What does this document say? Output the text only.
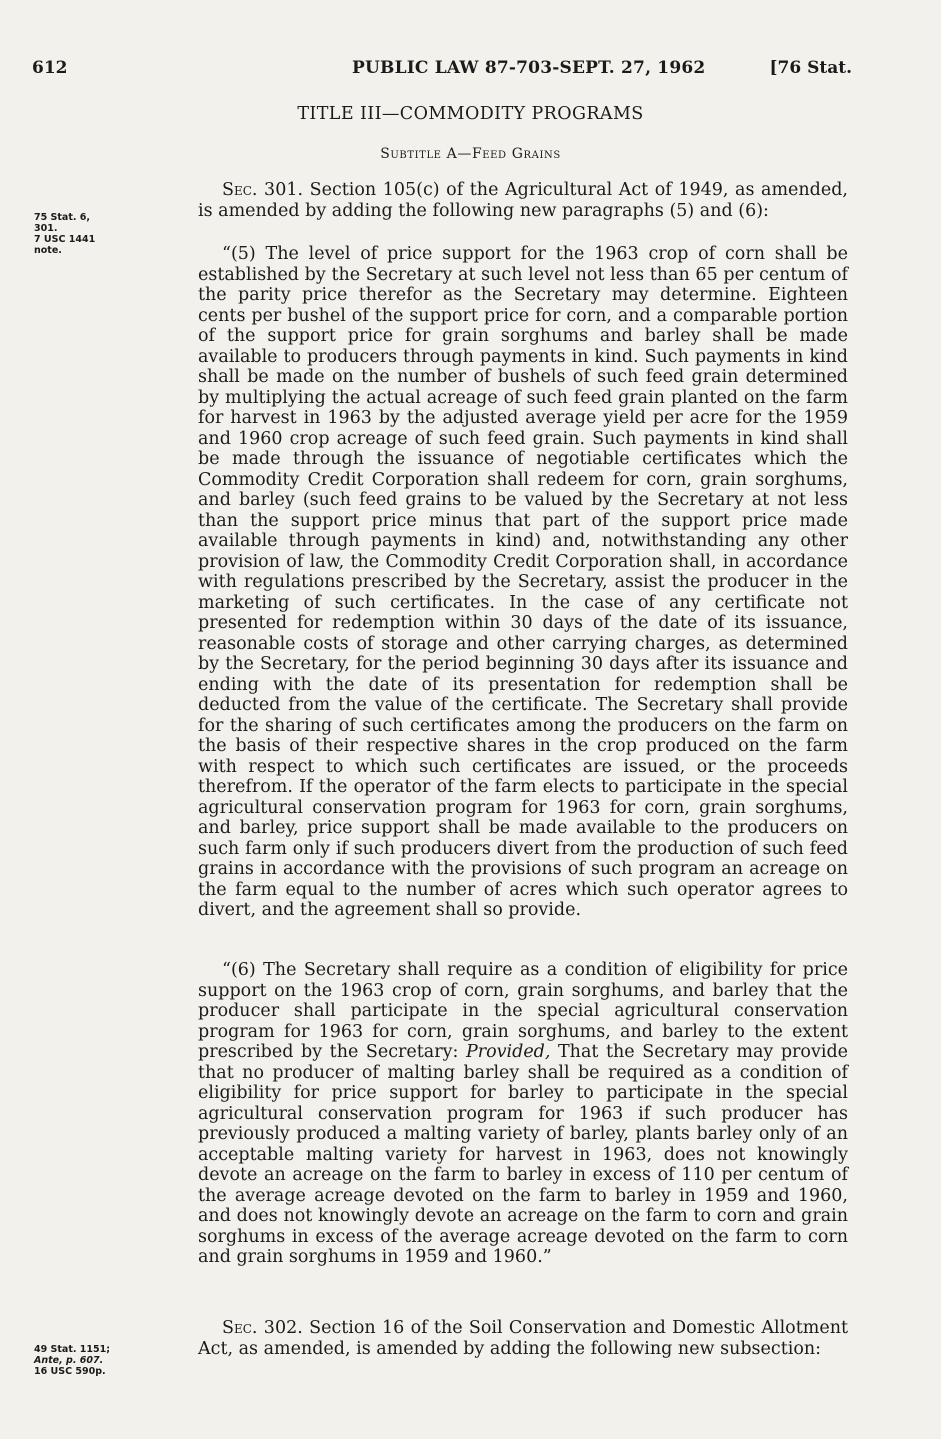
612	PUBLIC LAW 87-703-SEPT. 27, 1962	[76 Stat.
TITLE III—COMMODITY PROGRAMS
Subtitle A—Feed Grains
75 Stat. 6,
301.
7 USC 1441
note.
49 Stat. 1151;
Ante, p. 607.
16 USC 590p.

Sec. 301. Section 105(c) of the Agricultural Act of 1949, as amended, is amended by adding the following new paragraphs (5) and (6):

“(5) The level of price support for the 1963 crop of corn shall be established by the Secretary at such level not less than 65 per centum of the parity price therefor as the Secretary may determine. Eighteen cents per bushel of the support price for corn, and a comparable portion of the support price for grain sorghums and barley shall be made available to producers through payments in kind. Such payments in kind shall be made on the number of bushels of such feed grain determined by multiplying the actual acreage of such feed grain planted on the farm for harvest in 1963 by the adjusted average yield per acre for the 1959 and 1960 crop acreage of such feed grain. Such payments in kind shall be made through the issuance of negotiable certificates which the Commodity Credit Corporation shall redeem for corn, grain sorghums, and barley (such feed grains to be valued by the Secretary at not less than the support price minus that part of the support price made available through payments in kind) and, notwithstanding any other provision of law, the Commodity Credit Corporation shall, in accordance with regulations prescribed by the Secretary, assist the producer in the marketing of such certificates. In the case of any certificate not presented for redemption within 30 days of the date of its issuance, reasonable costs of storage and other carrying charges, as determined by the Secretary, for the period beginning 30 days after its issuance and ending with the date of its presentation for redemption shall be deducted from the value of the certificate. The Secretary shall provide for the sharing of such certificates among the producers on the farm on the basis of their respective shares in the crop produced on the farm with respect to which such certificates are issued, or the proceeds therefrom. If the operator of the farm elects to participate in the special agricultural conservation program for 1963 for corn, grain sorghums, and barley, price support shall be made available to the producers on such farm only if such producers divert from the production of such feed grains in accordance with the provisions of such program an acreage on the farm equal to the number of acres which such operator agrees to divert, and the agreement shall so provide.

“(6) The Secretary shall require as a condition of eligibility for price support on the 1963 crop of corn, grain sorghums, and barley that the producer shall participate in the special agricultural conservation program for 1963 for corn, grain sorghums, and barley to the extent prescribed by the Secretary: Provided, That the Secretary may provide that no producer of malting barley shall be required as a condition of eligibility for price support for barley to participate in the special agricultural conservation program for 1963 if such producer has previously produced a malting variety of barley, plants barley only of an acceptable malting variety for harvest in 1963, does not knowingly devote an acreage on the farm to barley in excess of 110 per centum of the average acreage devoted on the farm to barley in 1959 and 1960, and does not knowingly devote an acreage on the farm to corn and grain sorghums in excess of the average acreage devoted on the farm to corn and grain sorghums in 1959 and 1960.”

Sec. 302. Section 16 of the Soil Conservation and Domestic Allotment Act, as amended, is amended by adding the following new subsection:
